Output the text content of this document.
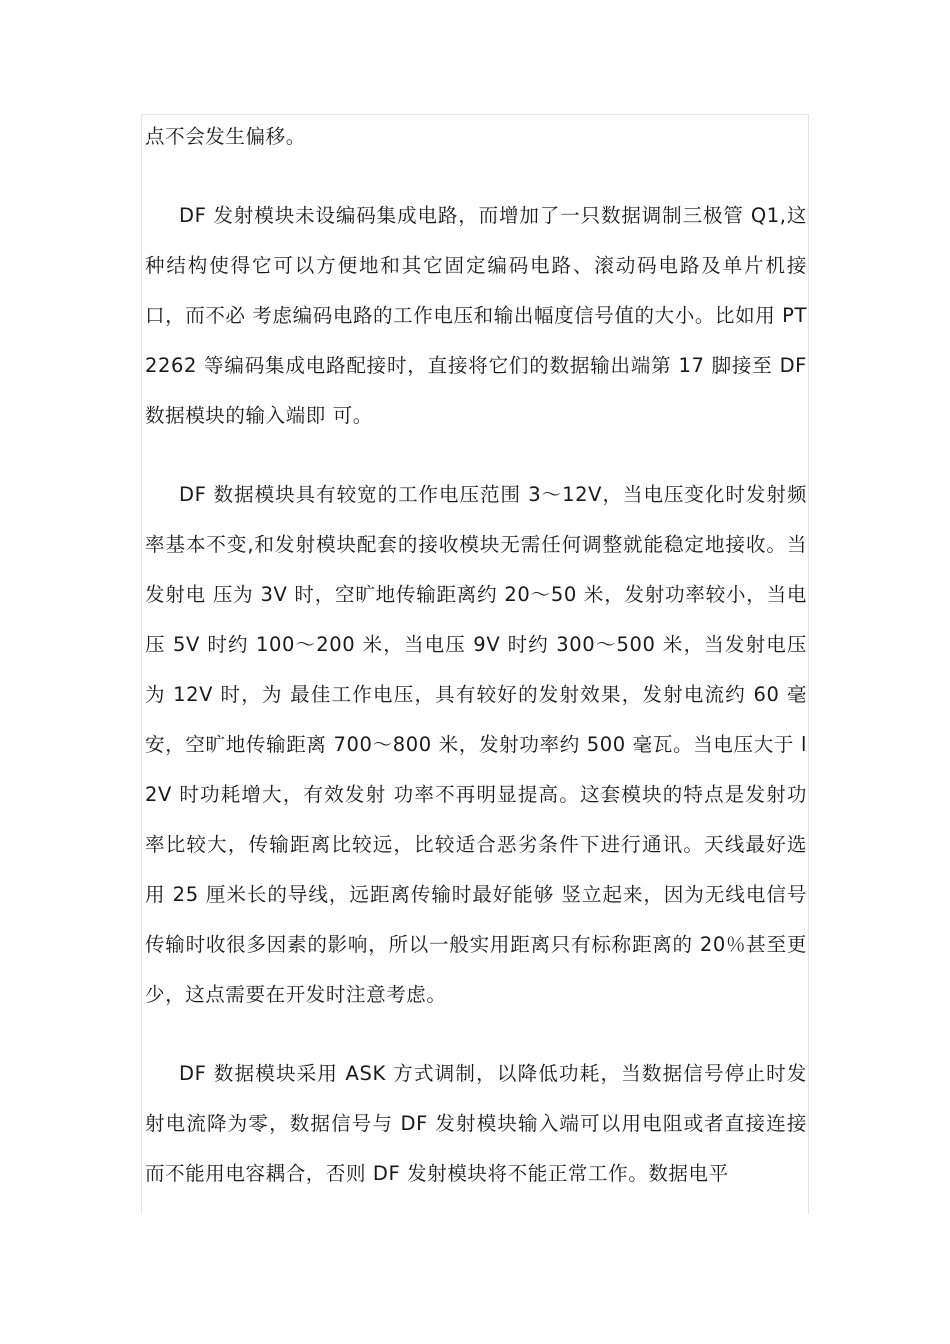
点不会发生偏移。

DF 发射模块未设编码集成电路，而增加了一只数据调制三极管 Q1,这种结构使得它可以方便地和其它固定编码电路、滚动码电路及单片机接口，而不必 考虑编码电路的工作电压和输出幅度信号值的大小。比如用 PT2262 等编码集成电路配接时，直接将它们的数据输出端第 17 脚接至 DF 数据模块的输入端即 可。

DF 数据模块具有较宽的工作电压范围 3～12V，当电压变化时发射频率基本不变,和发射模块配套的接收模块无需任何调整就能稳定地接收。当发射电 压为 3V 时，空旷地传输距离约 20～50 米，发射功率较小，当电压 5V 时约 100～200 米，当电压 9V 时约 300～500 米，当发射电压为 12V 时，为 最佳工作电压，具有较好的发射效果，发射电流约 60 毫安，空旷地传输距离 700～800 米，发射功率约 500 毫瓦。当电压大于 l2V 时功耗增大，有效发射 功率不再明显提高。这套模块的特点是发射功率比较大，传输距离比较远，比较适合恶劣条件下进行通讯。天线最好选用 25 厘米长的导线，远距离传输时最好能够 竖立起来，因为无线电信号传输时收很多因素的影响，所以一般实用距离只有标称距离的 20％甚至更少，这点需要在开发时注意考虑。

DF 数据模块采用 ASK 方式调制，以降低功耗，当数据信号停止时发射电流降为零，数据信号与 DF 发射模块输入端可以用电阻或者直接连接而不能用电容耦合，否则 DF 发射模块将不能正常工作。数据电平
